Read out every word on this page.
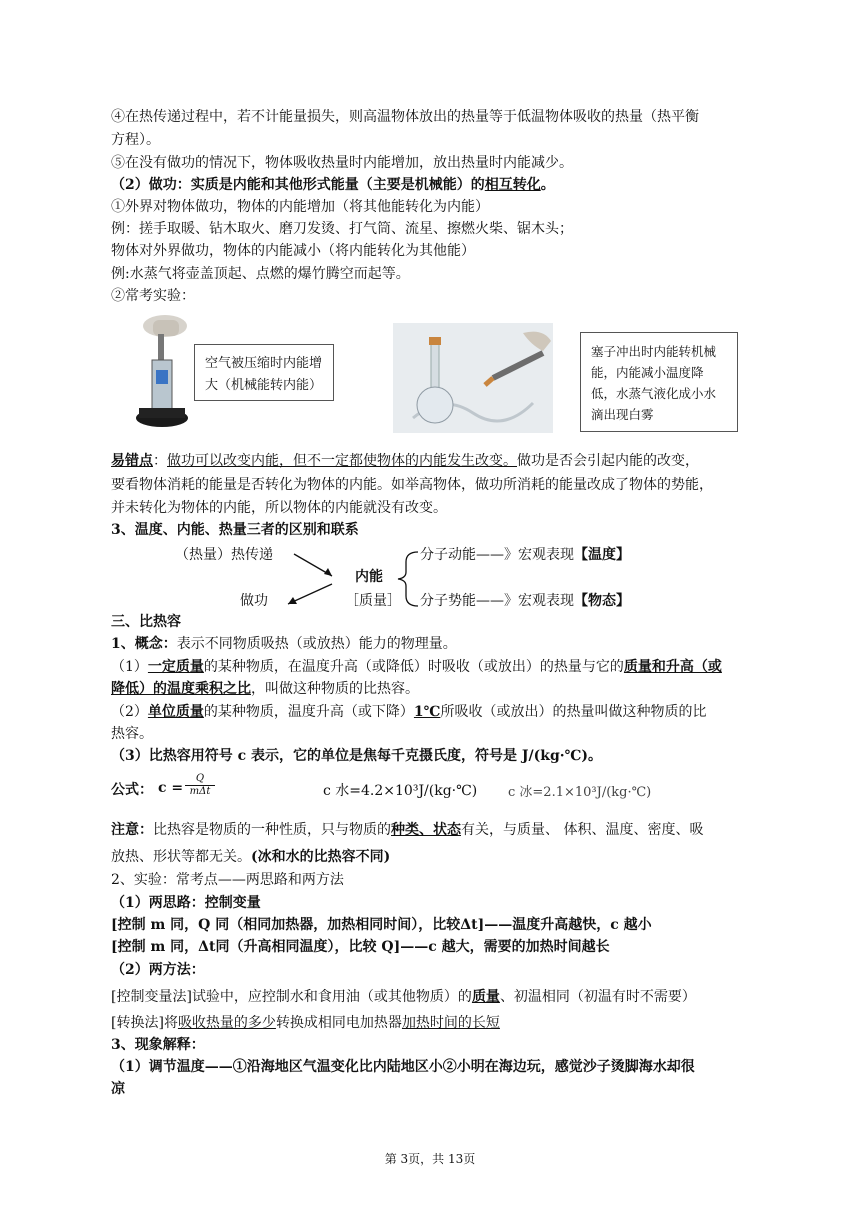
④在热传递过程中，若不计能量损失，则高温物体放出的热量等于低温物体吸收的热量（热平衡
方程）。
⑤在没有做功的情况下，物体吸收热量时内能增加，放出热量时内能减少。
（2）做功：实质是内能和其他形式能量（主要是机械能）的相互转化。
①外界对物体做功，物体的内能增加（将其他能转化为内能）
例：搓手取暖、钻木取火、磨刀发烫、打气筒、流星、擦燃火柴、锯木头；
物体对外界做功，物体的内能减小（将内能转化为其他能）
例:水蒸气将壶盖顶起、点燃的爆竹腾空而起等。
②常考实验：
空气被压缩时内能增大（机械能转内能）
塞子冲出时内能转机械能，内能减小温度降低，水蒸气液化成小水滴出现白雾
易错点：做功可以改变内能，但不一定都使物体的内能发生改变。做功是否会引起内能的改变，
要看物体消耗的能量是否转化为物体的内能。如举高物体，做功所消耗的能量改成了物体的势能，
并未转化为物体的内能，所以物体的内能就没有改变。
3、温度、内能、热量三者的区别和联系
（热量）热传递
做功
内能
［质量］
分子动能——》宏观表现【温度】
分子势能——》宏观表现【物态】
三、比热容
1、概念：表示不同物质吸热（或放热）能力的物理量。
（1）一定质量的某种物质，在温度升高（或降低）时吸收（或放出）的热量与它的质量和升高（或
降低）的温度乘积之比，叫做这种物质的比热容。
（2）单位质量的某种物质，温度升高（或下降）1℃所吸收（或放出）的热量叫做这种物质的比
热容。
（3）比热容用符号 c 表示，它的单位是焦每千克摄氏度，符号是 J/(kg·℃)。
公式： c =
Q
mΔt	c 水=4.2×10³J/(kg·℃) c 冰=2.1×10³J/(kg·℃)
注意：比热容是物质的一种性质，只与物质的种类、状态有关，与质量、 体积、温度、密度、吸
放热、形状等都无关。(冰和水的比热容不同)
2、实验：常考点——两思路和两方法
（1）两思路：控制变量
[控制 m 同，Q 同（相同加热器，加热相同时间），比较Δt]——温度升高越快，c 越小
[控制 m 同，Δt同（升高相同温度），比较 Q]——c 越大，需要的加热时间越长
（2）两方法：
[控制变量法]试验中，应控制水和食用油（或其他物质）的质量、初温相同（初温有时不需要）
[转换法]将吸收热量的多少转换成相同电加热器加热时间的长短
3、现象解释：
（1）调节温度——①沿海地区气温变化比内陆地区小②小明在海边玩，感觉沙子烫脚海水却很
凉
第 3页，共 13页
